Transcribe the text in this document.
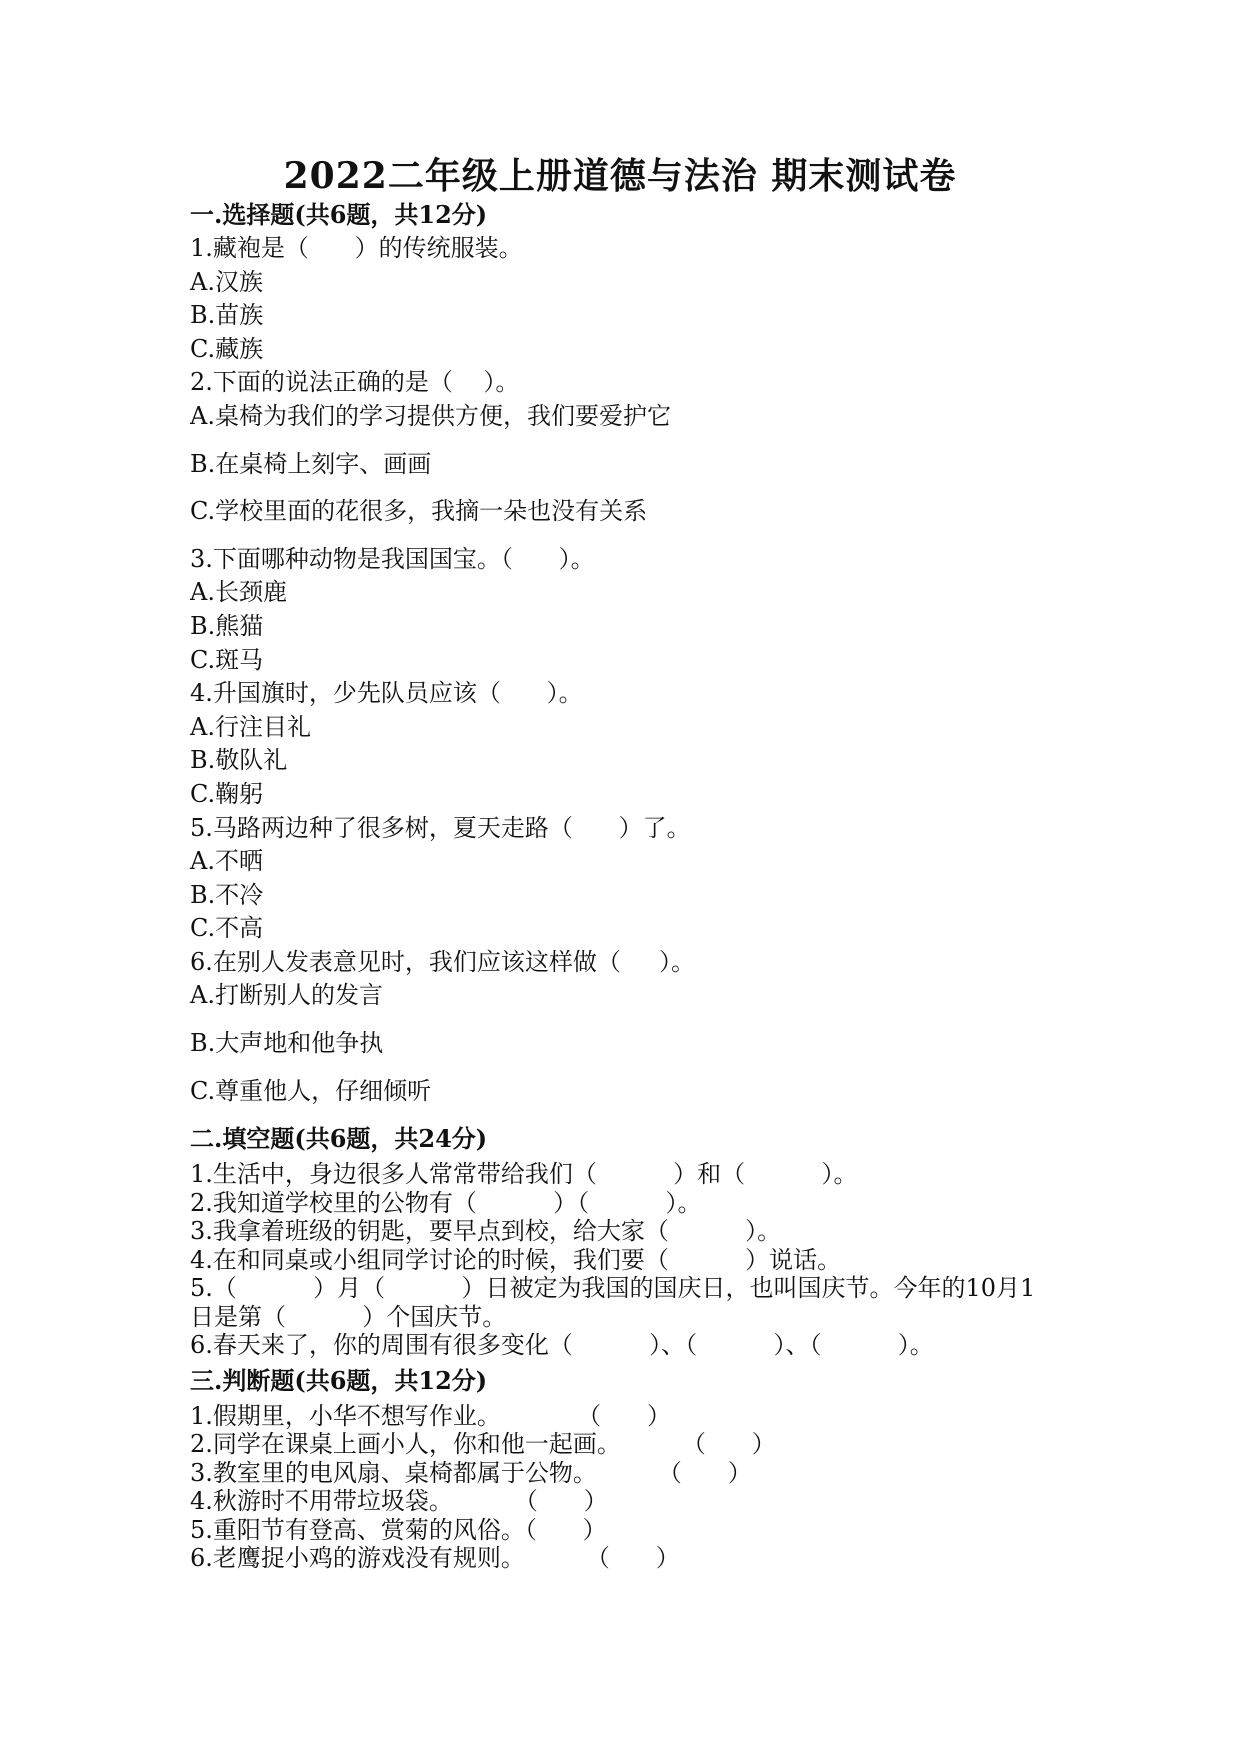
2022二年级上册道德与法治 期末测试卷
一.选择题(共6题，共12分)
1.藏袍是（      ）的传统服装。
A.汉族
B.苗族
C.藏族
2.下面的说法正确的是（    ）。
A.桌椅为我们的学习提供方便，我们要爱护它
B.在桌椅上刻字、画画
C.学校里面的花很多，我摘一朵也没有关系
3.下面哪种动物是我国国宝。（      ）。
A.长颈鹿
B.熊猫
C.斑马
4.升国旗时，少先队员应该（      ）。
A.行注目礼
B.敬队礼
C.鞠躬
5.马路两边种了很多树，夏天走路（      ）了。
A.不晒
B.不冷
C.不高
6.在别人发表意见时，我们应该这样做（     ）。
A.打断别人的发言
B.大声地和他争执
C.尊重他人，仔细倾听
二.填空题(共6题，共24分)
1.生活中，身边很多人常常带给我们（          ）和（          ）。
2.我知道学校里的公物有（          ）（          ）。
3.我拿着班级的钥匙，要早点到校，给大家（          ）。
4.在和同桌或小组同学讨论的时候，我们要（          ）说话。
5.（          ）月（          ）日被定为我国的国庆日，也叫国庆节。今年的10月1日是第（          ）个国庆节。
6.春天来了，你的周围有很多变化（          ）、（          ）、（          ）。
三.判断题(共6题，共12分)
1.假期里，小华不想写作业。          （      ）
2.同学在课桌上画小人，你和他一起画。        （      ）
3.教室里的电风扇、桌椅都属于公物。        （      ）
4.秋游时不用带垃圾袋。        （      ）
5.重阳节有登高、赏菊的风俗。（      ）
6.老鹰捉小鸡的游戏没有规则。        （      ）
